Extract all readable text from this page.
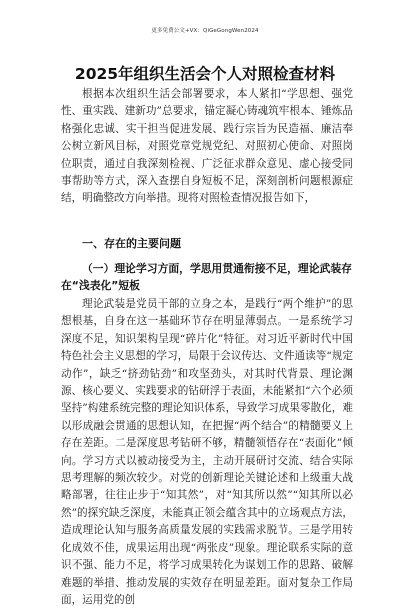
更多免费公文+VX：QiGeGongWen2024
2025年组织生活会个人对照检查材料

根据本次组织生活会部署要求，本人紧扣“学思想、强党性、重实践、建新功”总要求，锚定凝心铸魂筑牢根本、锤炼品格强化忠诚、实干担当促进发展、践行宗旨为民造福、廉洁奉公树立新风目标，对照党章党规党纪、对照初心使命、对照岗位职责，通过自我深刻检视、广泛征求群众意见、虚心接受同事帮助等方式，深入查摆自身短板不足，深刻剖析问题根源症结，明确整改方向举措。现将对照检查情况报告如下，

一、存在的主要问题

（一）理论学习方面，学思用贯通衔接不足，理论武装存在“浅表化”短板

理论武装是党员干部的立身之本，是践行“两个维护”的思想根基，自身在这一基础环节存在明显薄弱点。一是系统学习深度不足，知识架构呈现“碎片化”特征。对习近平新时代中国特色社会主义思想的学习，局限于会议传达、文件通读等“规定动作”，缺乏“挤劲钻劲”和攻坚劲头，对其时代背景、理论渊源、核心要义、实践要求的钻研浮于表面，未能紧扣“六个必须坚持”构建系统完整的理论知识体系，导致学习成果零散化，难以形成融会贯通的思想认知，在把握“两个结合”的精髓要义上存在差距。二是深度思考钻研不够，精髓领悟存在“表面化”倾向。学习方式以被动接受为主，主动开展研讨交流、结合实际思考理解的频次较少。对党的创新理论关键论述和上级重大战略部署，往往止步于“知其然”，对“知其所以然”“知其所以必然”的探究缺乏深度，未能真正领会蕴含其中的立场观点方法，造成理论认知与服务高质量发展的实践需求脱节。三是学用转化成效不佳，成果运用出现“两张皮”现象。理论联系实际的意识不强、能力不足，将学习成果转化为谋划工作的思路、破解难题的举措、推动发展的实效存在明显差距。面对复杂工作局面，运用党的创
